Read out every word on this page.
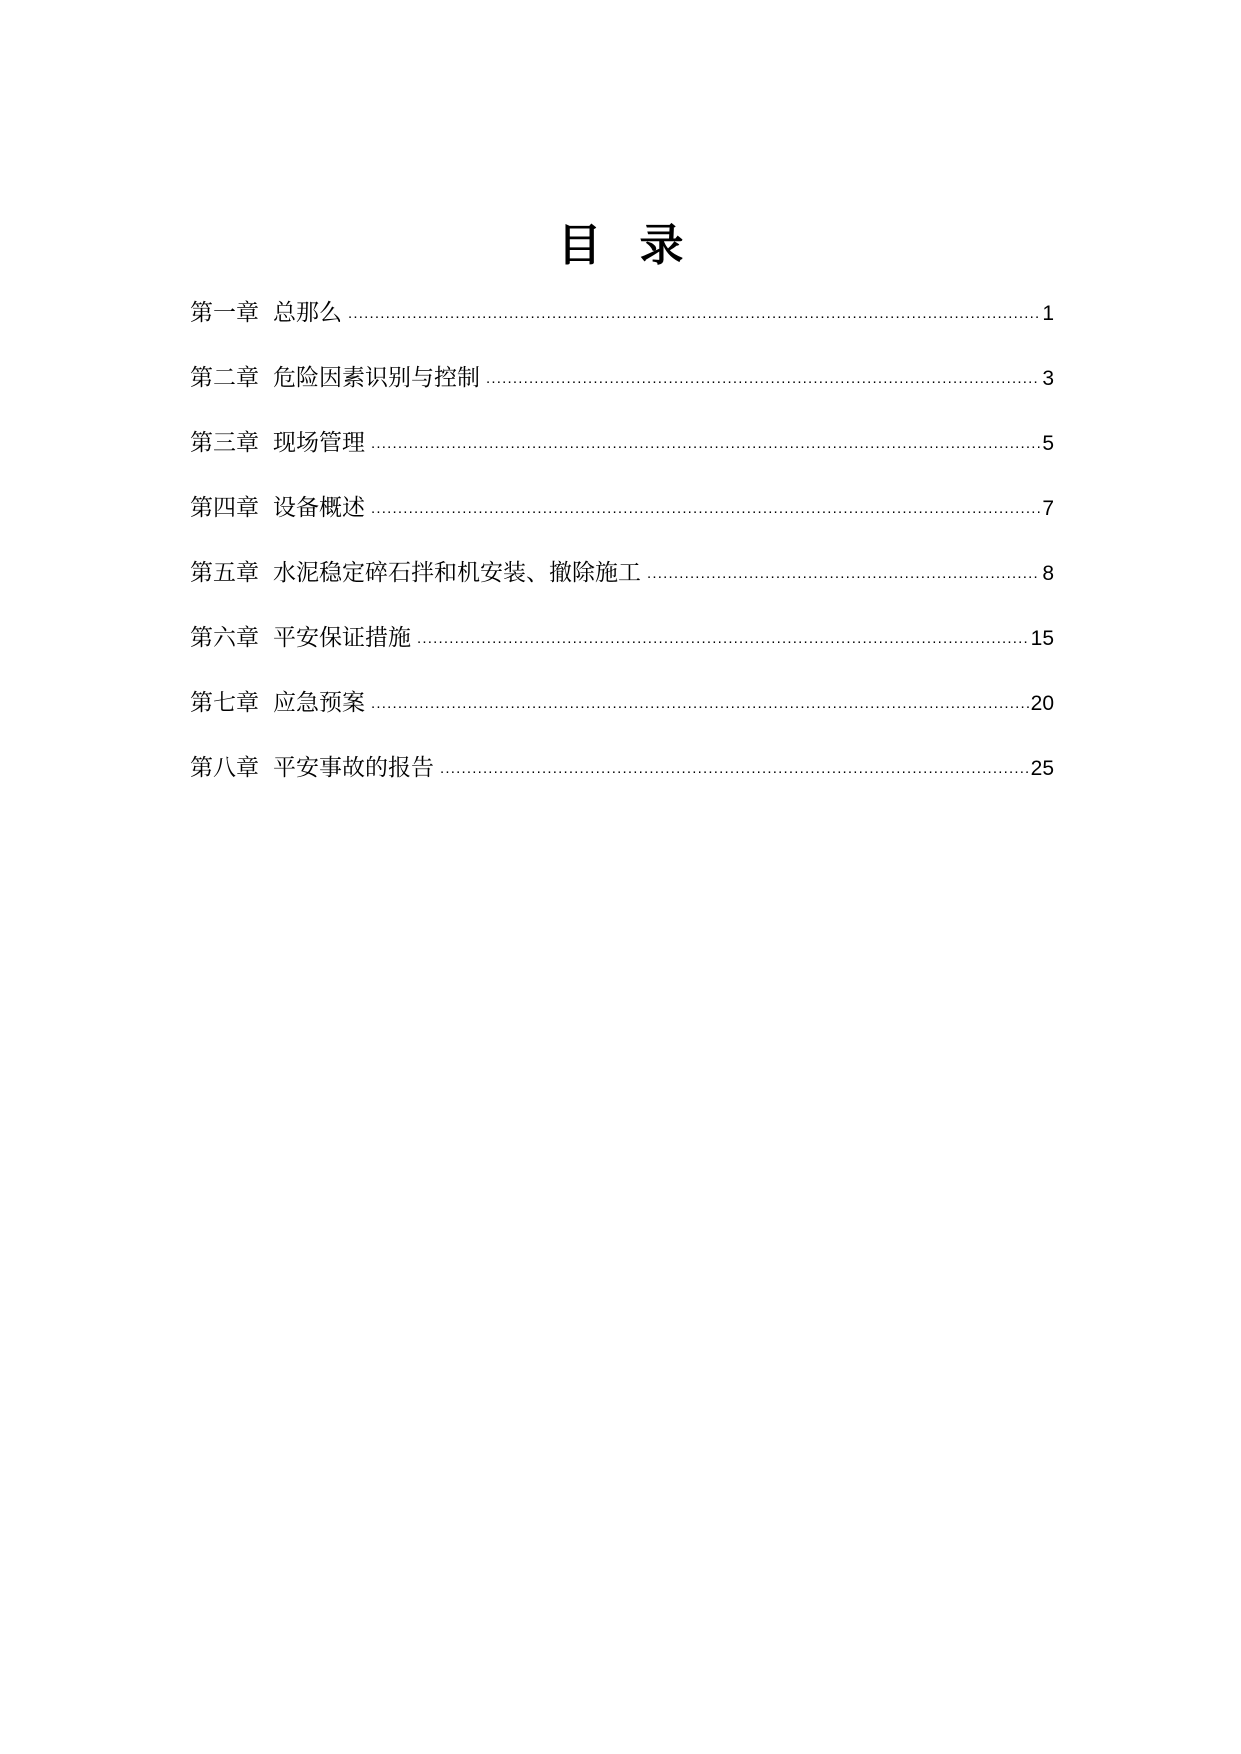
目录
第一章 总那么 .....	1
第二章 危险因素识别与控制 .....	3
第三章 现场管理 .....	5
第四章 设备概述 .....	7
第五章 水泥稳定碎石拌和机安装、撤除施工 .....	8
第六章 平安保证措施 .....	15
第七章 应急预案 .....	20
第八章 平安事故的报告 .....	25
